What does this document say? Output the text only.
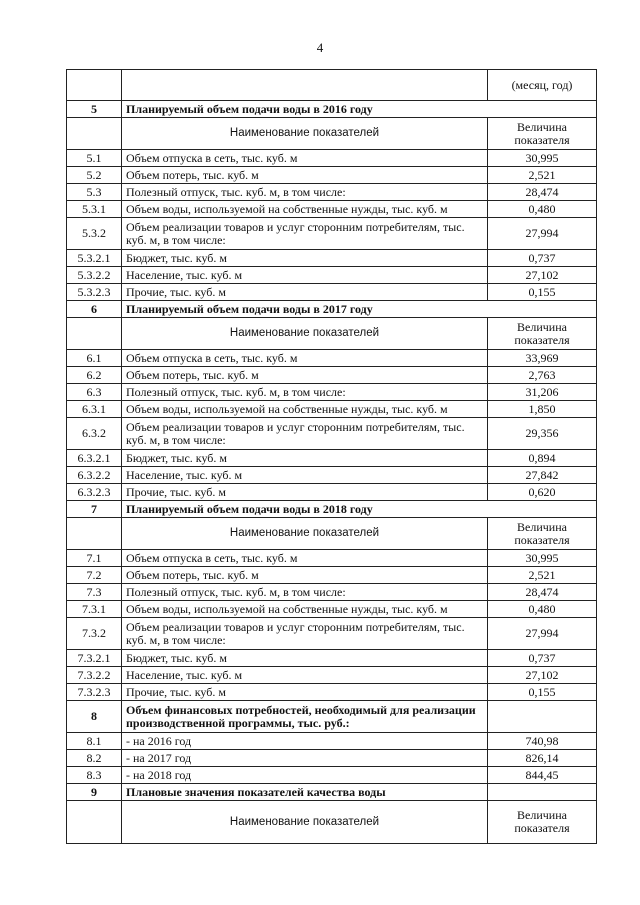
4
		(месяц, год)
5	Планируемый объем подачи воды в 2016 году	
	Наименование показателей	Величина показателя
5.1	Объем отпуска в сеть, тыс. куб. м	30,995
5.2	Объем потерь, тыс. куб. м	2,521
5.3	Полезный отпуск, тыс. куб. м, в том числе:	28,474
5.3.1	Объем воды, используемой на собственные нужды, тыс. куб. м	0,480
5.3.2	Объем реализации товаров и услуг сторонним потребителям, тыс. куб. м, в том числе:	27,994
5.3.2.1	Бюджет, тыс. куб. м	0,737
5.3.2.2	Население, тыс. куб. м	27,102
5.3.2.3	Прочие, тыс. куб. м	0,155
6	Планируемый объем подачи воды в 2017 году	
	Наименование показателей	Величина показателя
6.1	Объем отпуска в сеть, тыс. куб. м	33,969
6.2	Объем потерь, тыс. куб. м	2,763
6.3	Полезный отпуск, тыс. куб. м, в том числе:	31,206
6.3.1	Объем воды, используемой на собственные нужды, тыс. куб. м	1,850
6.3.2	Объем реализации товаров и услуг сторонним потребителям, тыс. куб. м, в том числе:	29,356
6.3.2.1	Бюджет, тыс. куб. м	0,894
6.3.2.2	Население, тыс. куб. м	27,842
6.3.2.3	Прочие, тыс. куб. м	0,620
7	Планируемый объем подачи воды в 2018 году	
	Наименование показателей	Величина показателя
7.1	Объем отпуска в сеть, тыс. куб. м	30,995
7.2	Объем потерь, тыс. куб. м	2,521
7.3	Полезный отпуск, тыс. куб. м, в том числе:	28,474
7.3.1	Объем воды, используемой на собственные нужды, тыс. куб. м	0,480
7.3.2	Объем реализации товаров и услуг сторонним потребителям, тыс. куб. м, в том числе:	27,994
7.3.2.1	Бюджет, тыс. куб. м	0,737
7.3.2.2	Население, тыс. куб. м	27,102
7.3.2.3	Прочие, тыс. куб. м	0,155
8	Объем финансовых потребностей, необходимый для реализации производственной программы, тыс. руб.:	
8.1	- на 2016 год	740,98
8.2	- на 2017 год	826,14
8.3	- на 2018 год	844,45
9	Плановые значения показателей качества воды	
	Наименование показателей	Величина показателя
